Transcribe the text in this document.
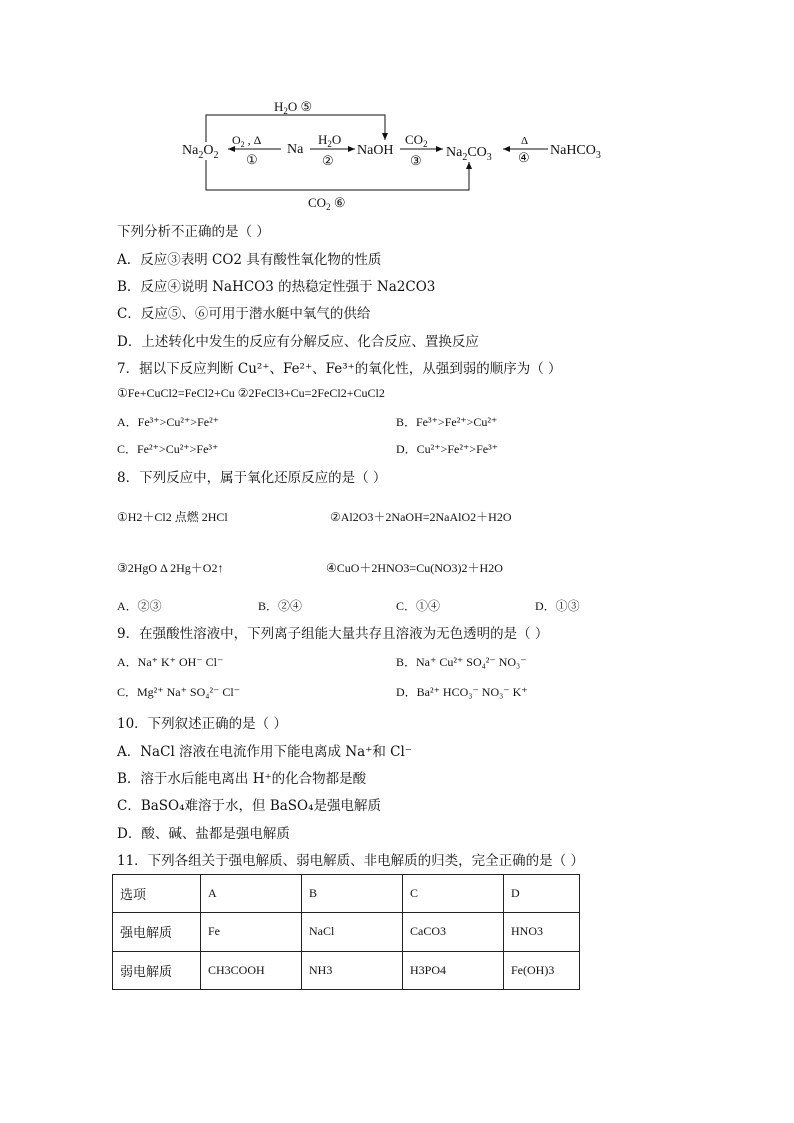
$Na_2O_2$	Na	NaOH	$Na_2CO_3$	NaHCO$_3$
$O_2$ , Δ
①
$H_2O$
②
$CO_2$
③
Δ
④
$H_2O$ ⑤
$CO_2$ ⑥
下列分析不正确的是（ ）
A．反应③表明 CO2 具有酸性氧化物的性质
B．反应④说明 NaHCO3 的热稳定性强于 Na2CO3
C．反应⑤、⑥可用于潜水艇中氧气的供给
D．上述转化中发生的反应有分解反应、化合反应、置换反应
7．据以下反应判断 Cu²⁺、Fe²⁺、Fe³⁺的氧化性，从强到弱的顺序为（ ）
①Fe+CuCl2=FeCl2+Cu ②2FeCl3+Cu=2FeCl2+CuCl2
A．Fe³⁺>Cu²⁺>Fe²⁺	B．Fe³⁺>Fe²⁺>Cu²⁺
C．Fe²⁺>Cu²⁺>Fe³⁺	D．Cu²⁺>Fe²⁺>Fe³⁺
8．下列反应中，属于氧化还原反应的是（ ）
①H2＋Cl2 点燃 2HCl	②Al2O3＋2NaOH=2NaAlO2＋H2O
③2HgO Δ 2Hg＋O2↑	④CuO＋2HNO3=Cu(NO3)2＋H2O
A．②③	B．②④	C．①④	D．①③
9．在强酸性溶液中，下列离子组能大量共存且溶液为无色透明的是（ ）
A．Na⁺ K⁺ OH⁻ Cl⁻	B．Na⁺ Cu²⁺ SO₄²⁻ NO₃⁻
C．Mg²⁺ Na⁺ SO₄²⁻ Cl⁻	D．Ba²⁺ HCO₃⁻ NO₃⁻ K⁺
10．下列叙述正确的是（ ）
A．NaCl 溶液在电流作用下能电离成 Na⁺和 Cl⁻
B．溶于水后能电离出 H⁺的化合物都是酸
C．BaSO₄难溶于水，但 BaSO₄是强电解质
D．酸、碱、盐都是强电解质
11．下列各组关于强电解质、弱电解质、非电解质的归类，完全正确的是（ ）
选项	A	B	C	D
强电解质	Fe	NaCl	CaCO3	HNO3
弱电解质	CH3COOH	NH3	H3PO4	Fe(OH)3
